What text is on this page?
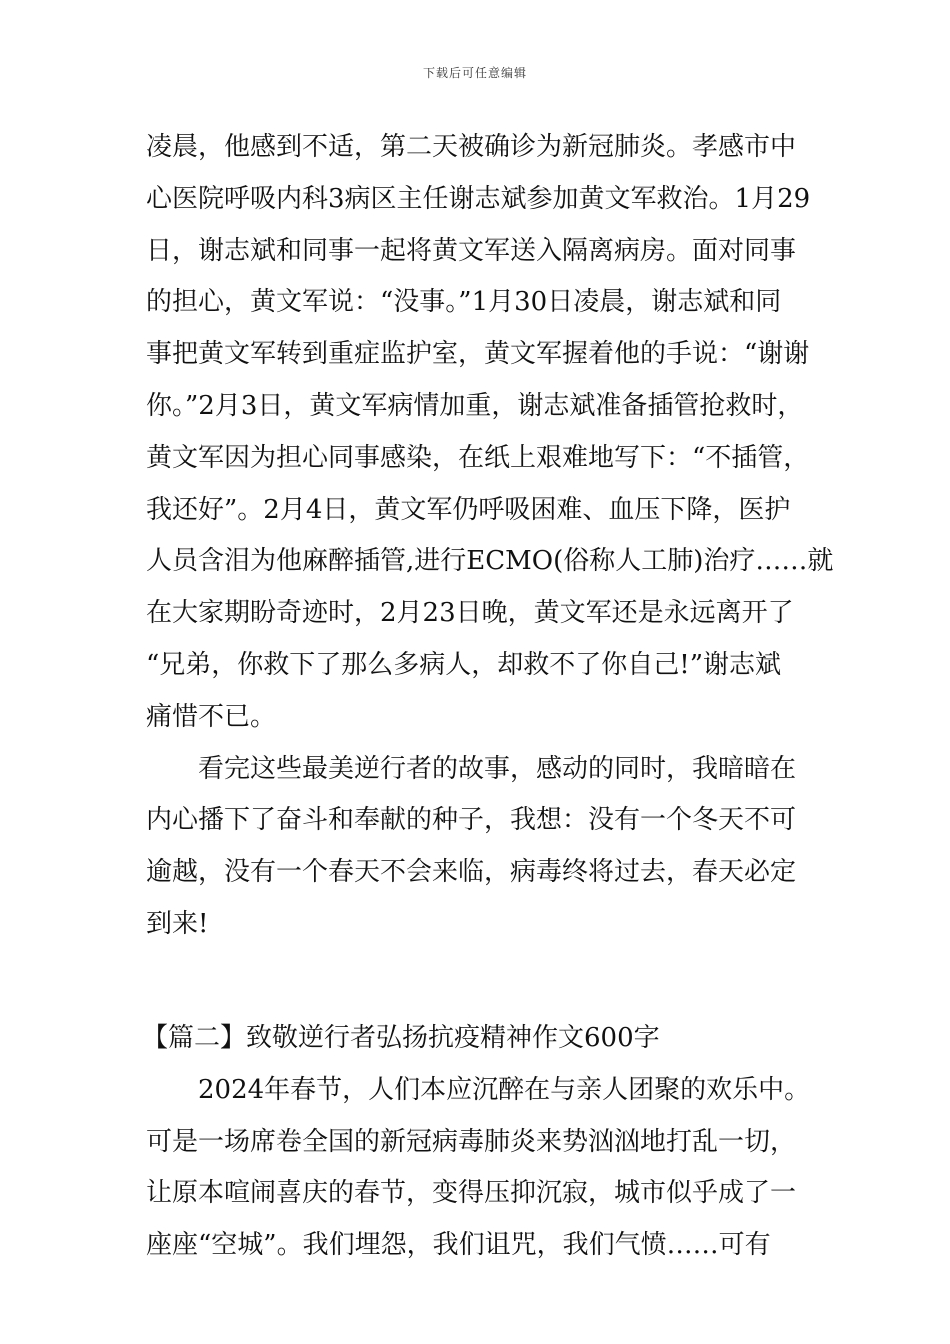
下载后可任意编辑
凌晨，他感到不适，第二天被确诊为新冠肺炎。孝感市中
心医院呼吸内科3病区主任谢志斌参加黄文军救治。1月29
日，谢志斌和同事一起将黄文军送入隔离病房。面对同事
的担心，黄文军说：“没事。”1月30日凌晨，谢志斌和同
事把黄文军转到重症监护室，黄文军握着他的手说：“谢谢
你。”2月3日，黄文军病情加重，谢志斌准备插管抢救时，
黄文军因为担心同事感染，在纸上艰难地写下：“不插管，
我还好”。2月4日，黄文军仍呼吸困难、血压下降，医护
人员含泪为他麻醉插管,进行ECMO(俗称人工肺)治疗……就
在大家期盼奇迹时，2月23日晚，黄文军还是永远离开了
“兄弟，你救下了那么多病人，却救不了你自己!”谢志斌
痛惜不已。
看完这些最美逆行者的故事，感动的同时，我暗暗在
内心播下了奋斗和奉献的种子，我想：没有一个冬天不可
逾越，没有一个春天不会来临，病毒终将过去，春天必定
到来!
【篇二】致敬逆行者弘扬抗疫精神作文600字
2024年春节，人们本应沉醉在与亲人团聚的欢乐中。
可是一场席卷全国的新冠病毒肺炎来势汹汹地打乱一切，
让原本喧闹喜庆的春节，变得压抑沉寂，城市似乎成了一
座座“空城”。我们埋怨，我们诅咒，我们气愤……可有
